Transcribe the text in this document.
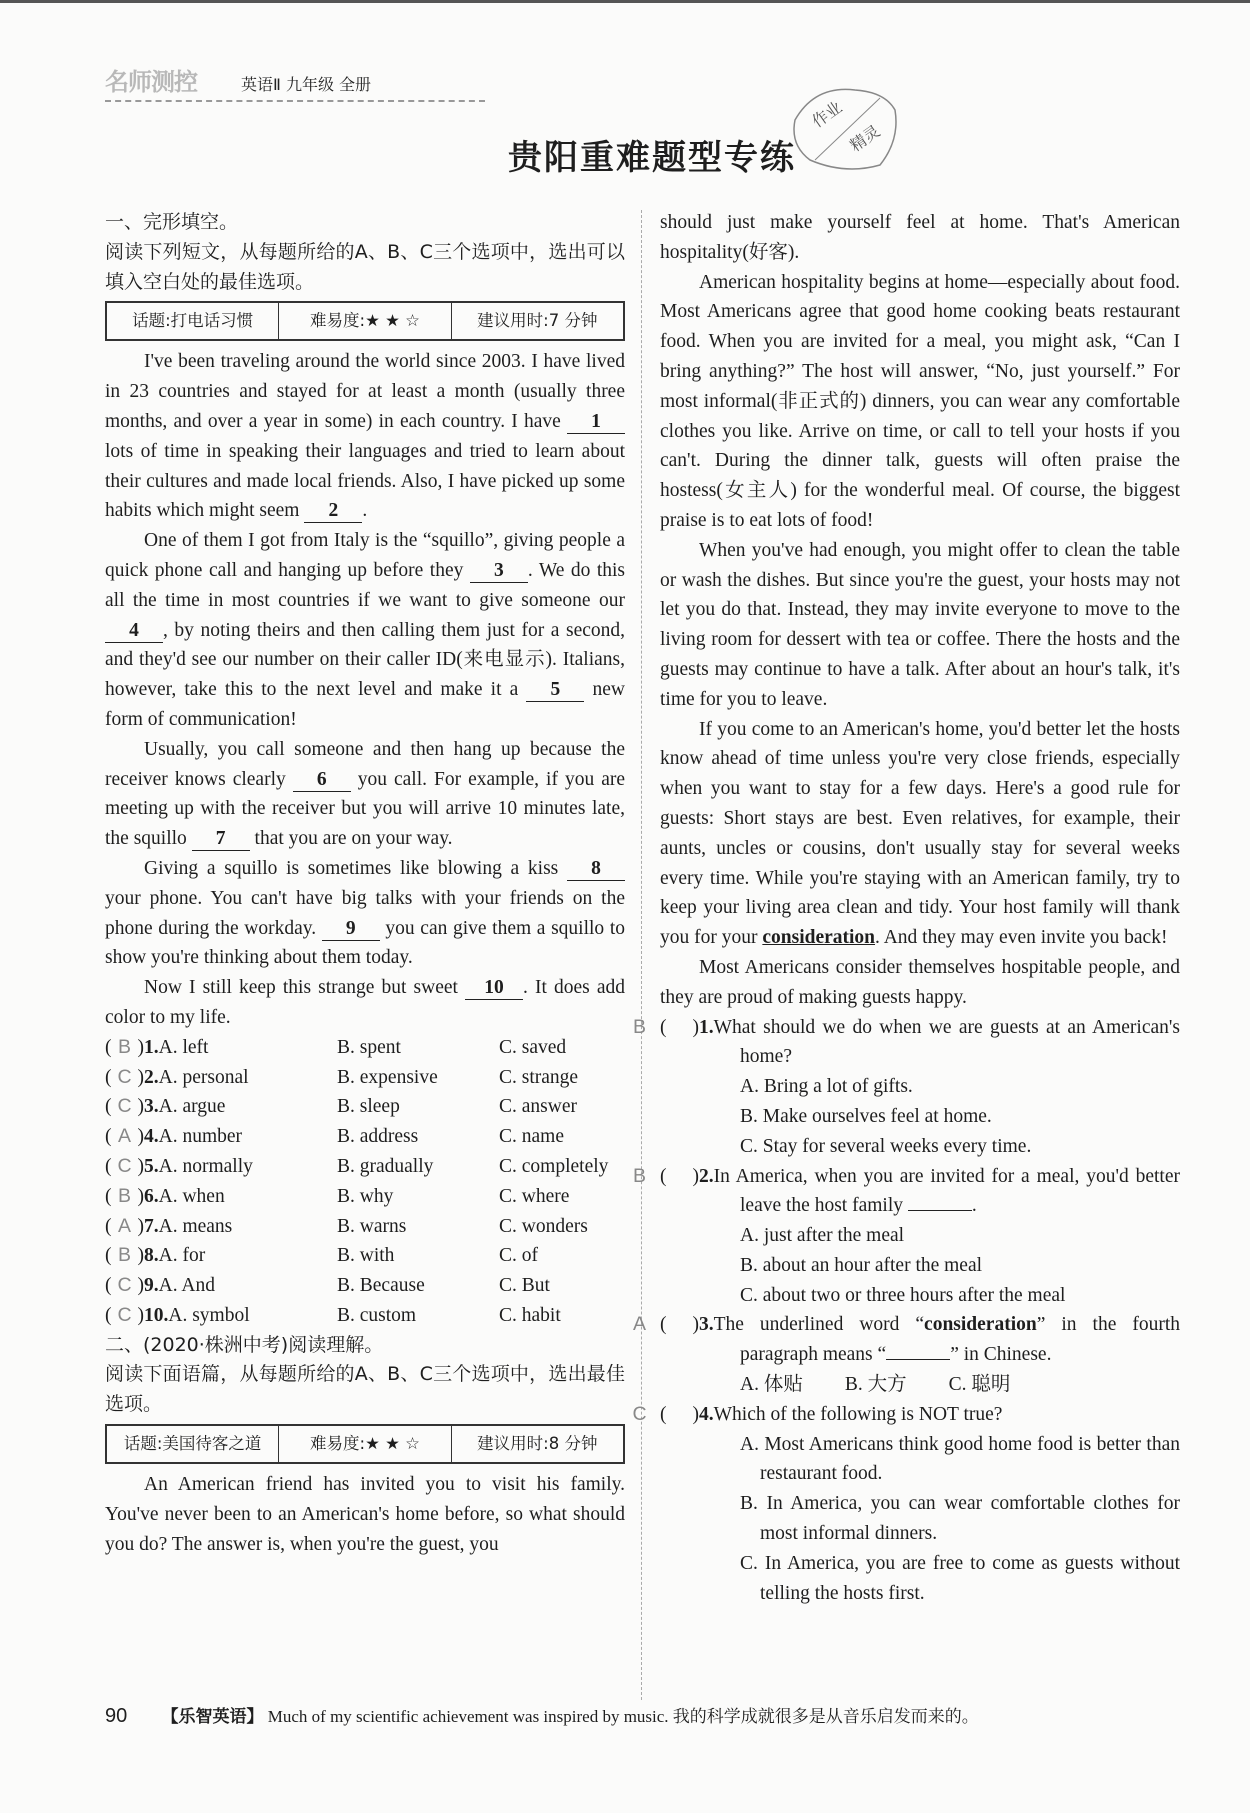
名师测控	英语Ⅱ 九年级 全册
贵阳重难题型专练
作业
精灵
一、完形填空。

阅读下列短文，从每题所给的A、B、C三个选项中，选出可以填入空白处的最佳选项。

话题:打电话习惯	难易度:★ ★ ☆	建议用时:7 分钟

I've been traveling around the world since 2003. I have lived in 23 countries and stayed for at least a month (usually three months, and over a year in some) in each country. I have 1 lots of time in speaking their languages and tried to learn about their cultures and made local friends. Also, I have picked up some habits which might seem 2 .

One of them I got from Italy is the “squillo”, giving people a quick phone call and hanging up before they 3 . We do this all the time in most countries if we want to give someone our 4 , by noting theirs and then calling them just for a second, and they'd see our number on their caller ID(来电显示). Italians, however, take this to the next level and make it a 5 new form of communication!

Usually, you call someone and then hang up because the receiver knows clearly 6 you call. For example, if you are meeting up with the receiver but you will arrive 10 minutes late, the squillo 7 that you are on your way.

Giving a squillo is sometimes like blowing a kiss 8 your phone. You can't have big talks with your friends on the phone during the workday. 9 you can give them a squillo to show you're thinking about them today.

Now I still keep this strange but sweet 10 . It does add color to my life.

( B )1.A. left	B. spent	C. saved
( C )2.A. personal	B. expensive	C. strange
( C )3.A. argue	B. sleep	C. answer
( A )4.A. number	B. address	C. name
( C )5.A. normally	B. gradually	C. completely
( B )6.A. when	B. why	C. where
( A )7.A. means	B. warns	C. wonders
( B )8.A. for	B. with	C. of
( C )9.A. And	B. Because	C. But
( C )10.A. symbol	B. custom	C. habit
二、(2020·株洲中考)阅读理解。

阅读下面语篇，从每题所给的A、B、C三个选项中，选出最佳选项。

话题:美国待客之道	难易度:★ ★ ☆	建议用时:8 分钟

An American friend has invited you to visit his family. You've never been to an American's home before, so what should you do? The answer is, when you're the guest, you

should just make yourself feel at home. That's American hospitality(好客).

American hospitality begins at home—especially about food. Most Americans agree that good home cooking beats restaurant food. When you are invited for a meal, you might ask, “Can I bring anything?” The host will answer, “No, just yourself.” For most informal(非正式的) dinners, you can wear any comfortable clothes you like. Arrive on time, or call to tell your hosts if you can't. During the dinner talk, guests will often praise the hostess(女主人) for the wonderful meal. Of course, the biggest praise is to eat lots of food!

When you've had enough, you might offer to clean the table or wash the dishes. But since you're the guest, your hosts may not let you do that. Instead, they may invite everyone to move to the living room for dessert with tea or coffee. There the hosts and the guests may continue to have a talk. After about an hour's talk, it's time for you to leave.

If you come to an American's home, you'd better let the hosts know ahead of time unless you're very close friends, especially when you want to stay for a few days. Here's a good rule for guests: Short stays are best. Even relatives, for example, their aunts, uncles or cousins, don't usually stay for several weeks every time. While you're staying with an American family, try to keep your living area clean and tidy. Your host family will thank you for your consideration. And they may even invite you back!

Most Americans consider themselves hospitable people, and they are proud of making guests happy.

(B )1.What should we do when we are guests at an American's home?

A. Bring a lot of gifts.

B. Make ourselves feel at home.

C. Stay for several weeks every time.

(B )2.In America, when you are invited for a meal, you'd better leave the host family	.

A. just after the meal

B. about an hour after the meal

C. about two or three hours after the meal

(A )3.The underlined word “consideration” in the fourth paragraph means “	” in Chinese.

A. 体贴 B. 大方 C. 聪明

(C )4.Which of the following is NOT true?

A. Most Americans think good home food is better than restaurant food.

B. In America, you can wear comfortable clothes for most informal dinners.

C. In America, you are free to come as guests without telling the hosts first.

90 【乐智英语】 Much of my scientific achievement was inspired by music. 我的科学成就很多是从音乐启发而来的。
